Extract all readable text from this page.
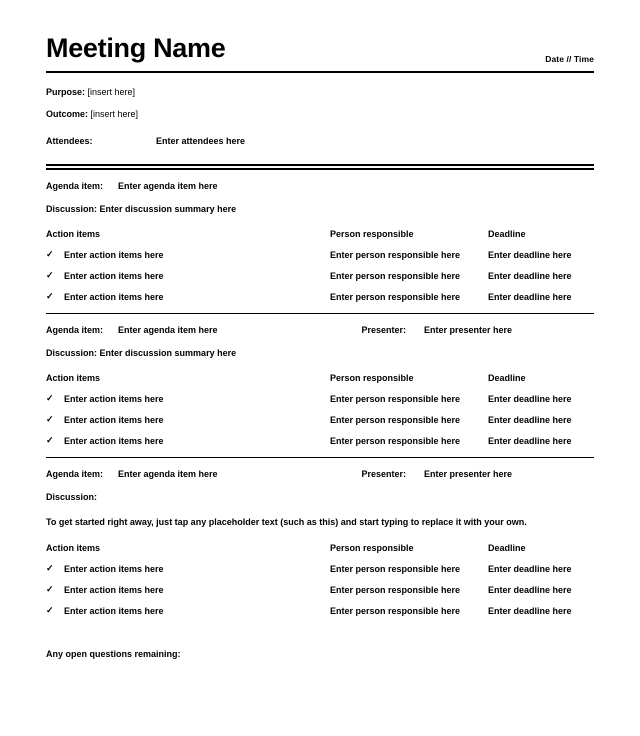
Meeting Name	Date // Time
Purpose: [insert here]
Outcome: [insert here]
Attendees:	Enter attendees here
Agenda item:	Enter agenda item here
Discussion: Enter discussion summary here
Action items	Person responsible	Deadline
✓	Enter action items here	Enter person responsible here	Enter deadline here
✓	Enter action items here	Enter person responsible here	Enter deadline here
✓	Enter action items here	Enter person responsible here	Enter deadline here
Agenda item:	Enter agenda item here	Presenter:	Enter presenter here
Discussion: Enter discussion summary here
Action items	Person responsible	Deadline
✓	Enter action items here	Enter person responsible here	Enter deadline here
✓	Enter action items here	Enter person responsible here	Enter deadline here
✓	Enter action items here	Enter person responsible here	Enter deadline here
Agenda item:	Enter agenda item here	Presenter:	Enter presenter here
Discussion:
To get started right away, just tap any placeholder text (such as this) and start typing to replace it with your own.
Action items	Person responsible	Deadline
✓	Enter action items here	Enter person responsible here	Enter deadline here
✓	Enter action items here	Enter person responsible here	Enter deadline here
✓	Enter action items here	Enter person responsible here	Enter deadline here
Any open questions remaining:
